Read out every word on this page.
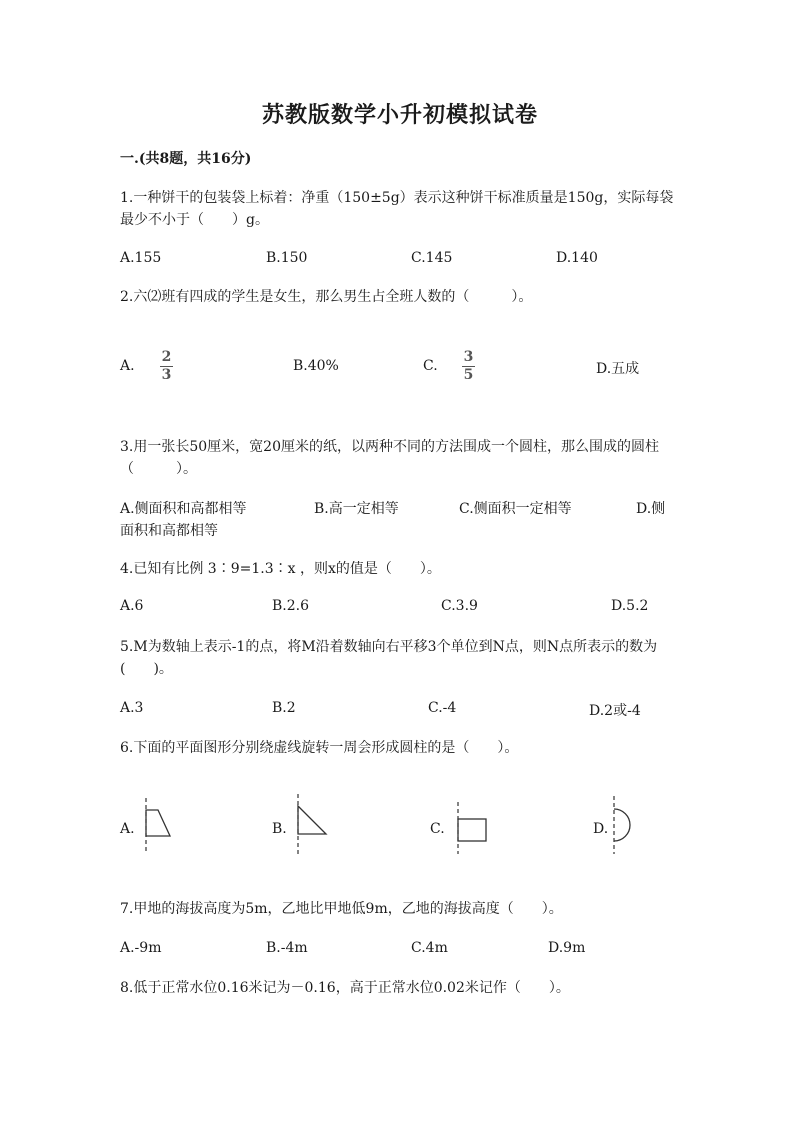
苏教版数学小升初模拟试卷
一.(共8题，共16分)
1.一种饼干的包装袋上标着：净重（150±5g）表示这种饼干标准质量是150g，实际每袋最少不小于（　　）g。
A.155	B.150	C.145	D.140
2.六⑵班有四成的学生是女生，那么男生占全班人数的（　　　）。
A.
2
3
B.40%	C.
3
5	D.五成
3.用一张长50厘米，宽20厘米的纸，以两种不同的方法围成一个圆柱，那么围成的圆柱（　　　）。
A.侧面积和高都相等	B.高一定相等	C.侧面积一定相等	D.侧
面积和高都相等
4.已知有比例 3∶9=1.3∶x ，则x的值是（　　）。
A.6	B.2.6	C.3.9	D.5.2
5.M为数轴上表示-1的点，将M沿着数轴向右平移3个单位到N点，则N点所表示的数为(　　)。
A.3	B.2	C.-4	D.2或-4
6.下面的平面图形分别绕虚线旋转一周会形成圆柱的是（　　）。
A.	B.	C.	D.
7.甲地的海拔高度为5m，乙地比甲地低9m，乙地的海拔高度（　　）。
A.-9m	B.-4m	C.4m	D.9m
8.低于正常水位0.16米记为－0.16，高于正常水位0.02米记作（　　）。
